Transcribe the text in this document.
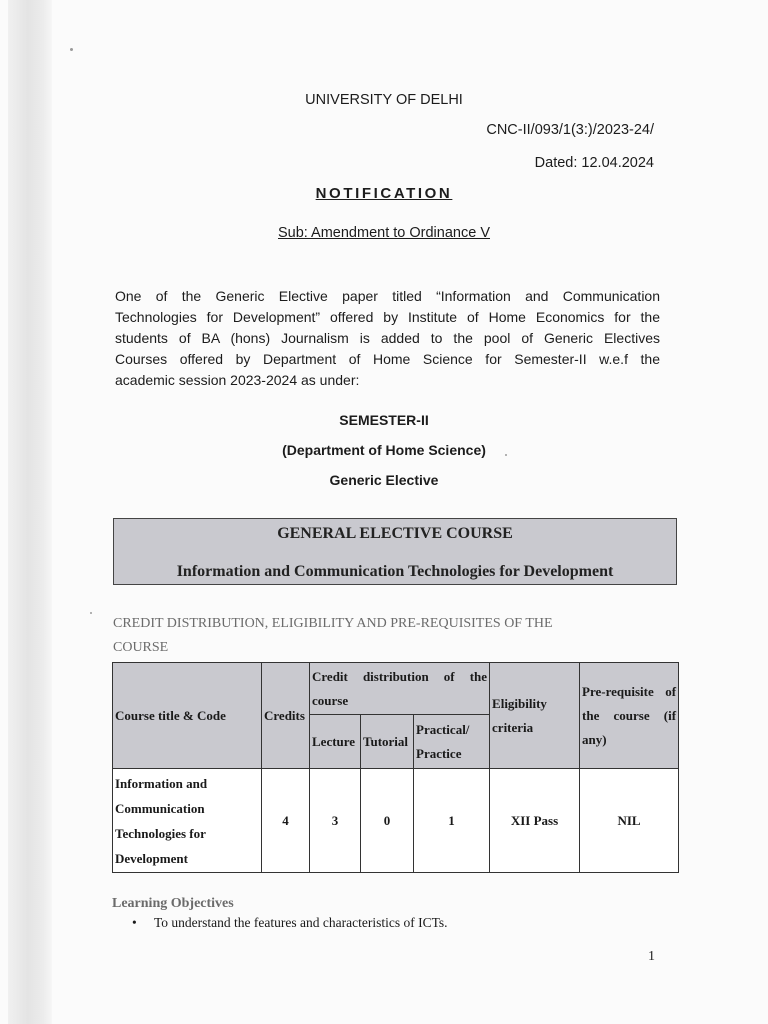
UNIVERSITY OF DELHI
CNC-II/093/1(3:)/2023-24/
Dated: 12.04.2024
NOTIFICATION
Sub: Amendment to Ordinance V
One of the Generic Elective paper titled “Information and Communication
Technologies for Development” offered by Institute of Home Economics for the
students of BA (hons) Journalism is added to the pool of Generic Electives
Courses offered by Department of Home Science for Semester-II w.e.f the
academic session 2023-2024 as under:
SEMESTER-II
(Department of Home Science)
Generic Elective
GENERAL ELECTIVE COURSE
Information and Communication Technologies for Development
CREDIT DISTRIBUTION, ELIGIBILITY AND PRE-REQUISITES OF THE
COURSE
Course title & Code	Credits	Credit distribution of the course			Eligibility criteria	Pre-requisite of the course (if any)
		Lecture	Tutorial	Practical/ Practice		
Information and Communication Technologies for Development	4	3	0	1	XII Pass	NIL
Learning Objectives
• To understand the features and characteristics of ICTs.
1
